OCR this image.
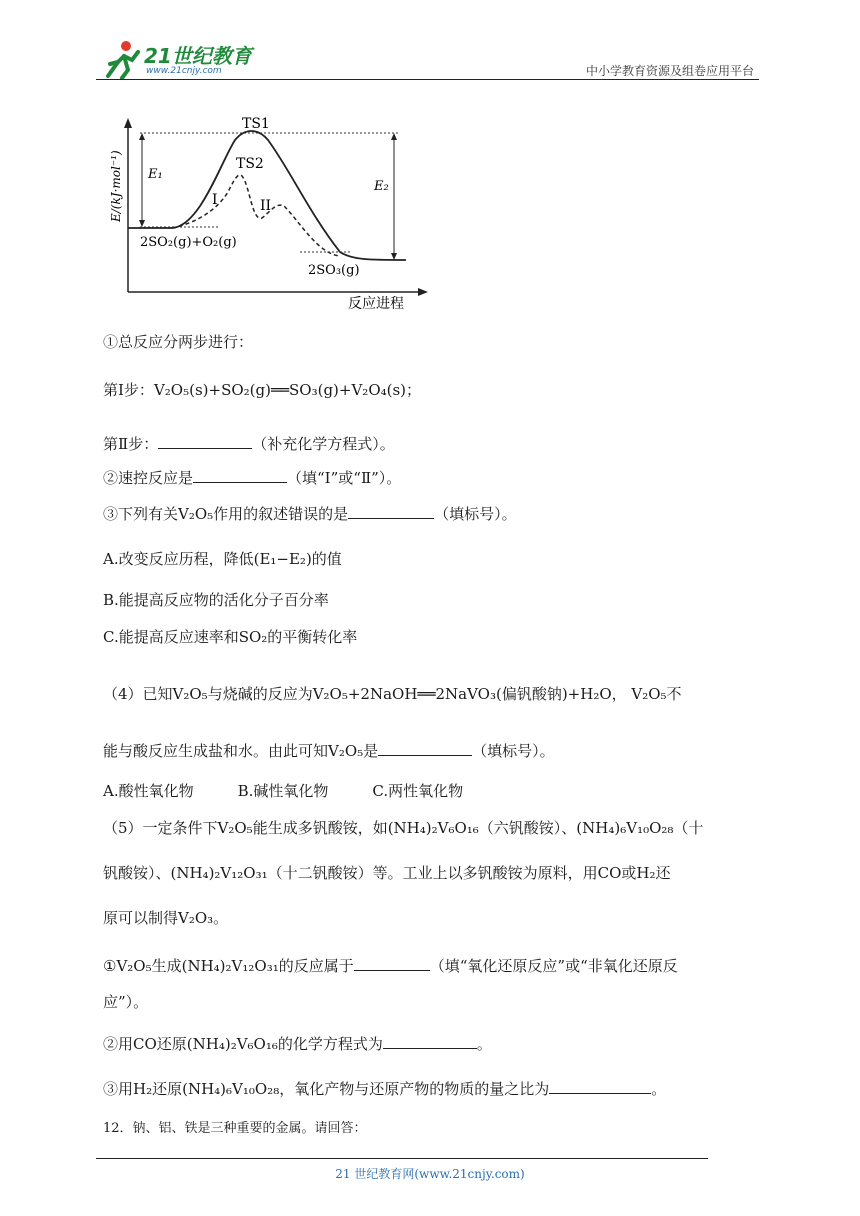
21世纪教育
www.21cnjy.com	中小学教育资源及组卷应用平台
E/(kJ·mol⁻¹)
反应进程
TS1
TS2
E₁
E₂
I	II
2SO₂(g)+O₂(g)
2SO₃(g)
①总反应分两步进行：
第Ⅰ步：V₂O₅(s)+SO₂(g)══SO₃(g)+V₂O₄(s)；
第Ⅱ步：	（补充化学方程式）。
②速控反应是	（填“Ⅰ”或“Ⅱ”）。
③下列有关V₂O₅作用的叙述错误的是	（填标号）。
A.改变反应历程，降低(E₁−E₂)的值
B.能提高反应物的活化分子百分率
C.能提高反应速率和SO₂的平衡转化率
（4）已知V₂O₅与烧碱的反应为V₂O₅+2NaOH══2NaVO₃(偏钒酸钠)+H₂O， V₂O₅不
能与酸反应生成盐和水。由此可知V₂O₅是	（填标号）。
A.酸性氧化物	B.碱性氧化物	C.两性氧化物
（5）一定条件下V₂O₅能生成多钒酸铵，如(NH₄)₂V₆O₁₆（六钒酸铵）、(NH₄)₆V₁₀O₂₈（十
钒酸铵）、(NH₄)₂V₁₂O₃₁（十二钒酸铵）等。工业上以多钒酸铵为原料，用CO或H₂还
原可以制得V₂O₃。
①V₂O₅生成(NH₄)₂V₁₂O₃₁的反应属于	（填“氧化还原反应”或“非氧化还原反
应”）。
②用CO还原(NH₄)₂V₆O₁₆的化学方程式为	。
③用H₂还原(NH₄)₆V₁₀O₂₈，氧化产物与还原产物的物质的量之比为	。
12．钠、铝、铁是三种重要的金属。请回答：
21 世纪教育网(www.21cnjy.com)
